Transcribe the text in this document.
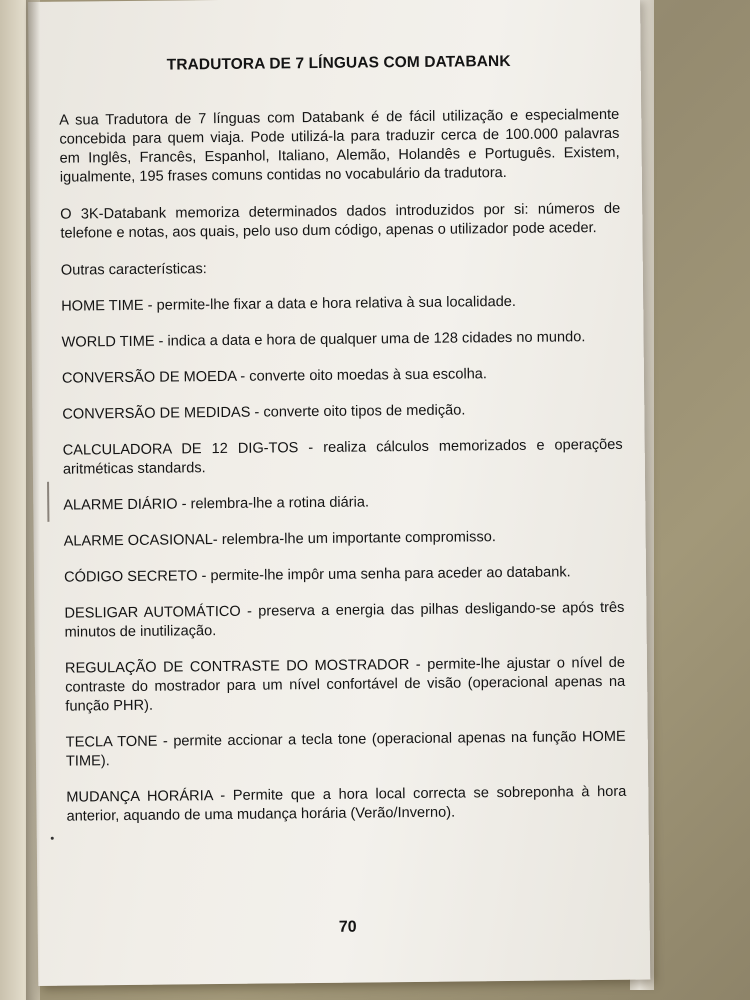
TRADUTORA DE 7 LÍNGUAS COM DATABANK

A sua Tradutora de 7 línguas com Databank é de fácil utilização e especialmente concebida para quem viaja. Pode utilizá-la para traduzir cerca de 100.000 palavras em Inglês, Francês, Espanhol, Italiano, Alemão, Holandês e Português. Existem, igualmente, 195 frases comuns contidas no vocabulário da tradutora.

O 3K-Databank memoriza determinados dados introduzidos por si: números de telefone e notas, aos quais, pelo uso dum código, apenas o utilizador pode aceder.

Outras características:

HOME TIME - permite-lhe fixar a data e hora relativa à sua localidade.

WORLD TIME - indica a data e hora de qualquer uma de 128 cidades no mundo.

CONVERSÃO DE MOEDA - converte oito moedas à sua escolha.

CONVERSÃO DE MEDIDAS - converte oito tipos de medição.

CALCULADORA DE 12 DIG-TOS - realiza cálculos memorizados e operações aritméticas standards.

ALARME DIÁRIO - relembra-lhe a rotina diária.

ALARME OCASIONAL- relembra-lhe um importante compromisso.

CÓDIGO SECRETO - permite-lhe impôr uma senha para aceder ao databank.

DESLIGAR AUTOMÁTICO - preserva a energia das pilhas desligando-se após três minutos de inutilização.

REGULAÇÃO DE CONTRASTE DO MOSTRADOR - permite-lhe ajustar o nível de contraste do mostrador para um nível confortável de visão (operacional apenas na função PHR).

TECLA TONE - permite accionar a tecla tone (operacional apenas na função HOME TIME).

MUDANÇA HORÁRIA - Permite que a hora local correcta se sobreponha à hora anterior, aquando de uma mudança horária (Verão/Inverno).

70
